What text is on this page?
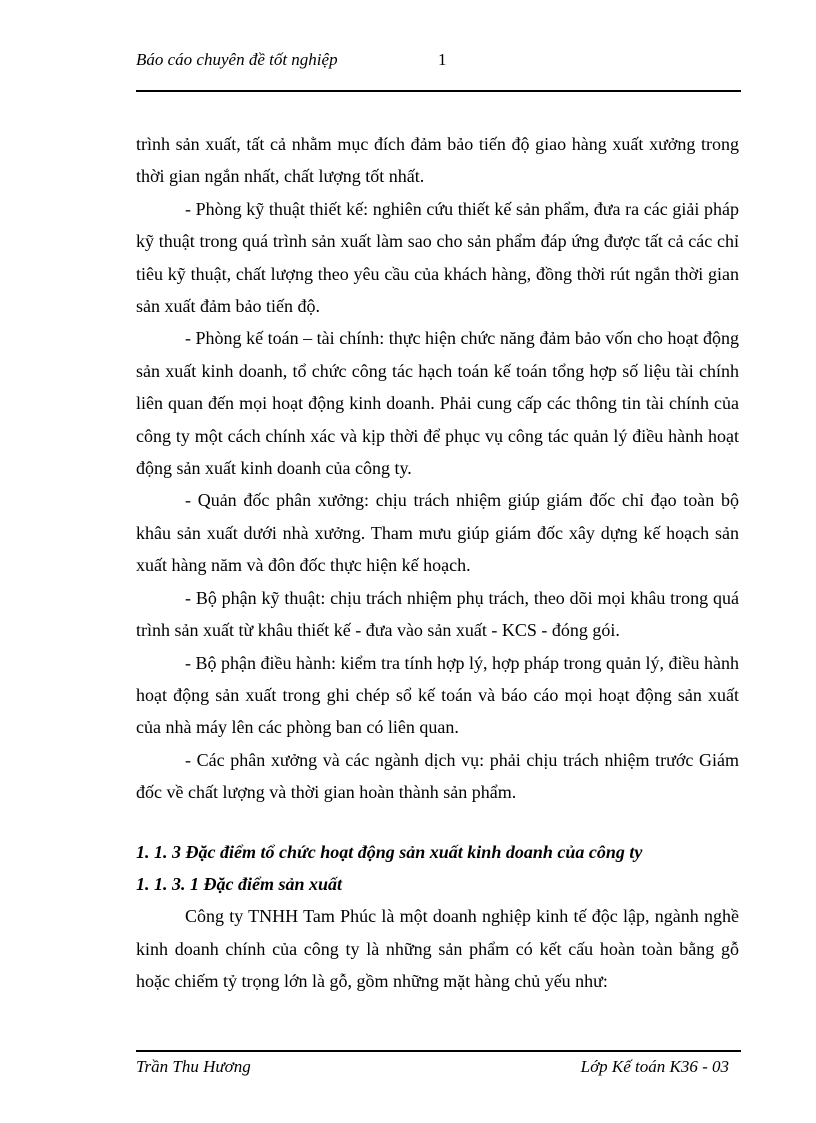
Báo cáo chuyên đề tốt nghiệp	1

trình sản xuất, tất cả nhằm mục đích đảm bảo tiến độ giao hàng xuất xưởng trong thời gian ngắn nhất, chất lượng tốt nhất.

- Phòng kỹ thuật thiết kế: nghiên cứu thiết kế sản phẩm, đưa ra các giải pháp kỹ thuật trong quá trình sản xuất làm sao cho sản phẩm đáp ứng được tất cả các chỉ tiêu kỹ thuật, chất lượng theo yêu cầu của khách hàng, đồng thời rút ngắn thời gian sản xuất đảm bảo tiến độ.

- Phòng kế toán – tài chính: thực hiện chức năng đảm bảo vốn cho hoạt động sản xuất kinh doanh, tổ chức công tác hạch toán kế toán tổng hợp số liệu tài chính liên quan đến mọi hoạt động kinh doanh. Phải cung cấp các thông tin tài chính của công ty một cách chính xác và kịp thời để phục vụ công tác quản lý điều hành hoạt động sản xuất kinh doanh của công ty.

- Quản đốc phân xưởng: chịu trách nhiệm giúp giám đốc chỉ đạo toàn bộ khâu sản xuất dưới nhà xưởng. Tham mưu giúp giám đốc xây dựng kế hoạch sản xuất hàng năm và đôn đốc thực hiện kế hoạch.

- Bộ phận kỹ thuật: chịu trách nhiệm phụ trách, theo dõi mọi khâu trong quá trình sản xuất từ khâu thiết kế - đưa vào sản xuất - KCS - đóng gói.

- Bộ phận điều hành: kiểm tra tính hợp lý, hợp pháp trong quản lý, điều hành hoạt động sản xuất trong ghi chép sổ kế toán và báo cáo mọi hoạt động sản xuất của nhà máy lên các phòng ban có liên quan.

- Các phân xưởng và các ngành dịch vụ: phải chịu trách nhiệm trước Giám đốc về chất lượng và thời gian hoàn thành sản phẩm.

1. 1. 3 Đặc điểm tổ chức hoạt động sản xuất kinh doanh của công ty

1. 1. 3. 1 Đặc điểm sản xuất

Công ty TNHH Tam Phúc là một doanh nghiệp kinh tế độc lập, ngành nghề kinh doanh chính của công ty là những sản phẩm có kết cấu hoàn toàn bằng gỗ hoặc chiếm tỷ trọng lớn là gỗ, gồm những mặt hàng chủ yếu như:

Trần Thu Hương	Lớp Kế toán K36 - 03
